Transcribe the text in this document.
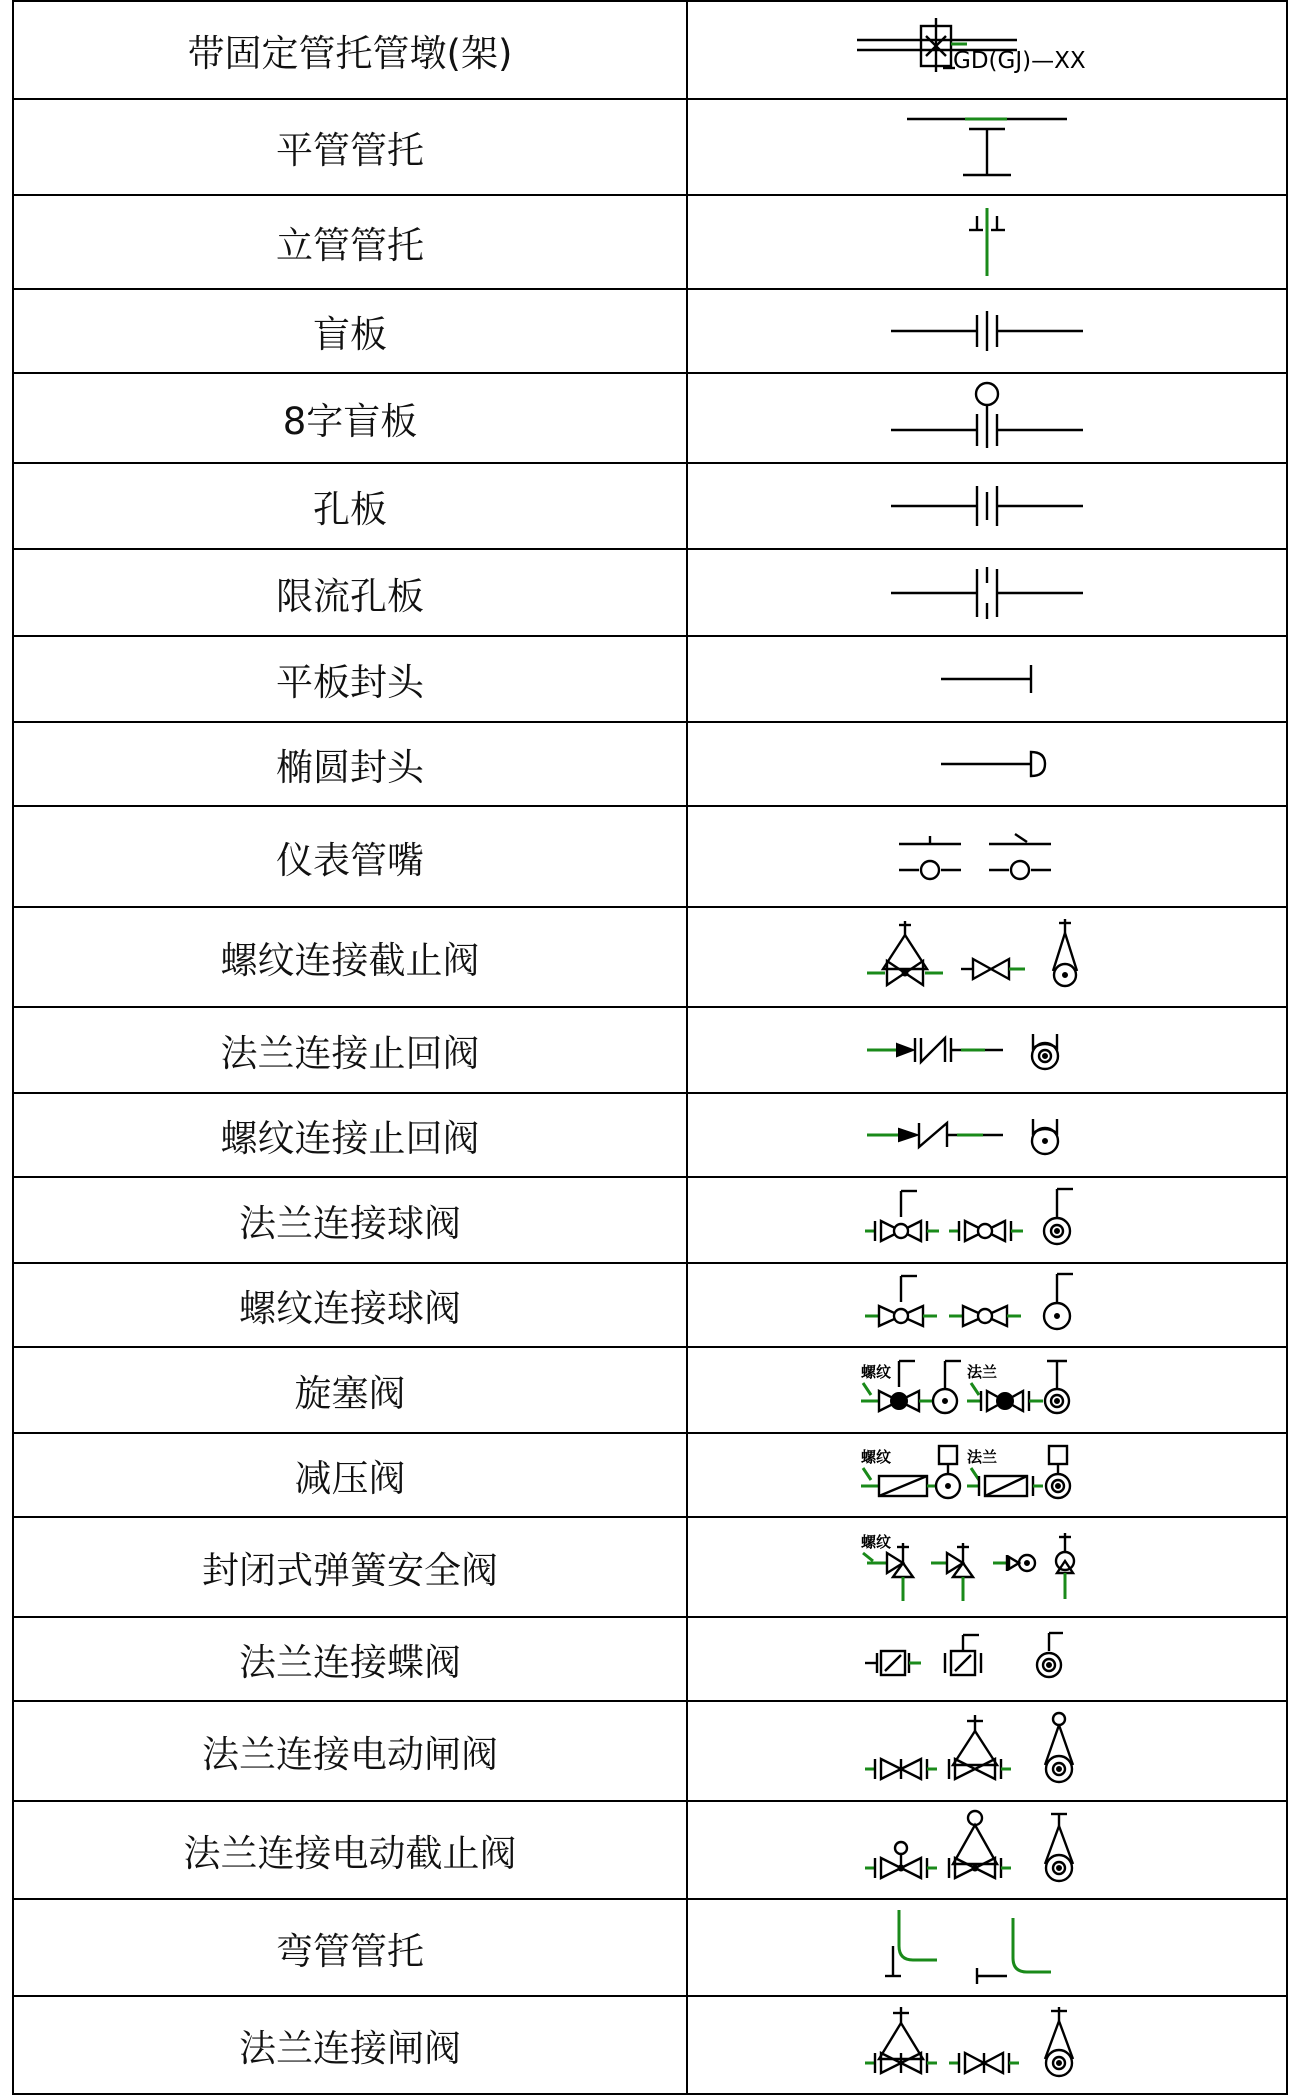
带固定管托管墩(架)	GD(GJ)—XX

平管管托	

立管管托	

盲板	

8字盲板	

孔板	

限流孔板	

平板封头	

椭圆封头	

仪表管嘴	

螺纹连接截止阀	

法兰连接止回阀	

螺纹连接止回阀	

法兰连接球阀	

螺纹连接球阀	

旋塞阀	螺纹 法兰

减压阀	螺纹 法兰

封闭式弹簧安全阀	螺纹

法兰连接蝶阀	

法兰连接电动闸阀	

法兰连接电动截止阀	

弯管管托	

法兰连接闸阀	
